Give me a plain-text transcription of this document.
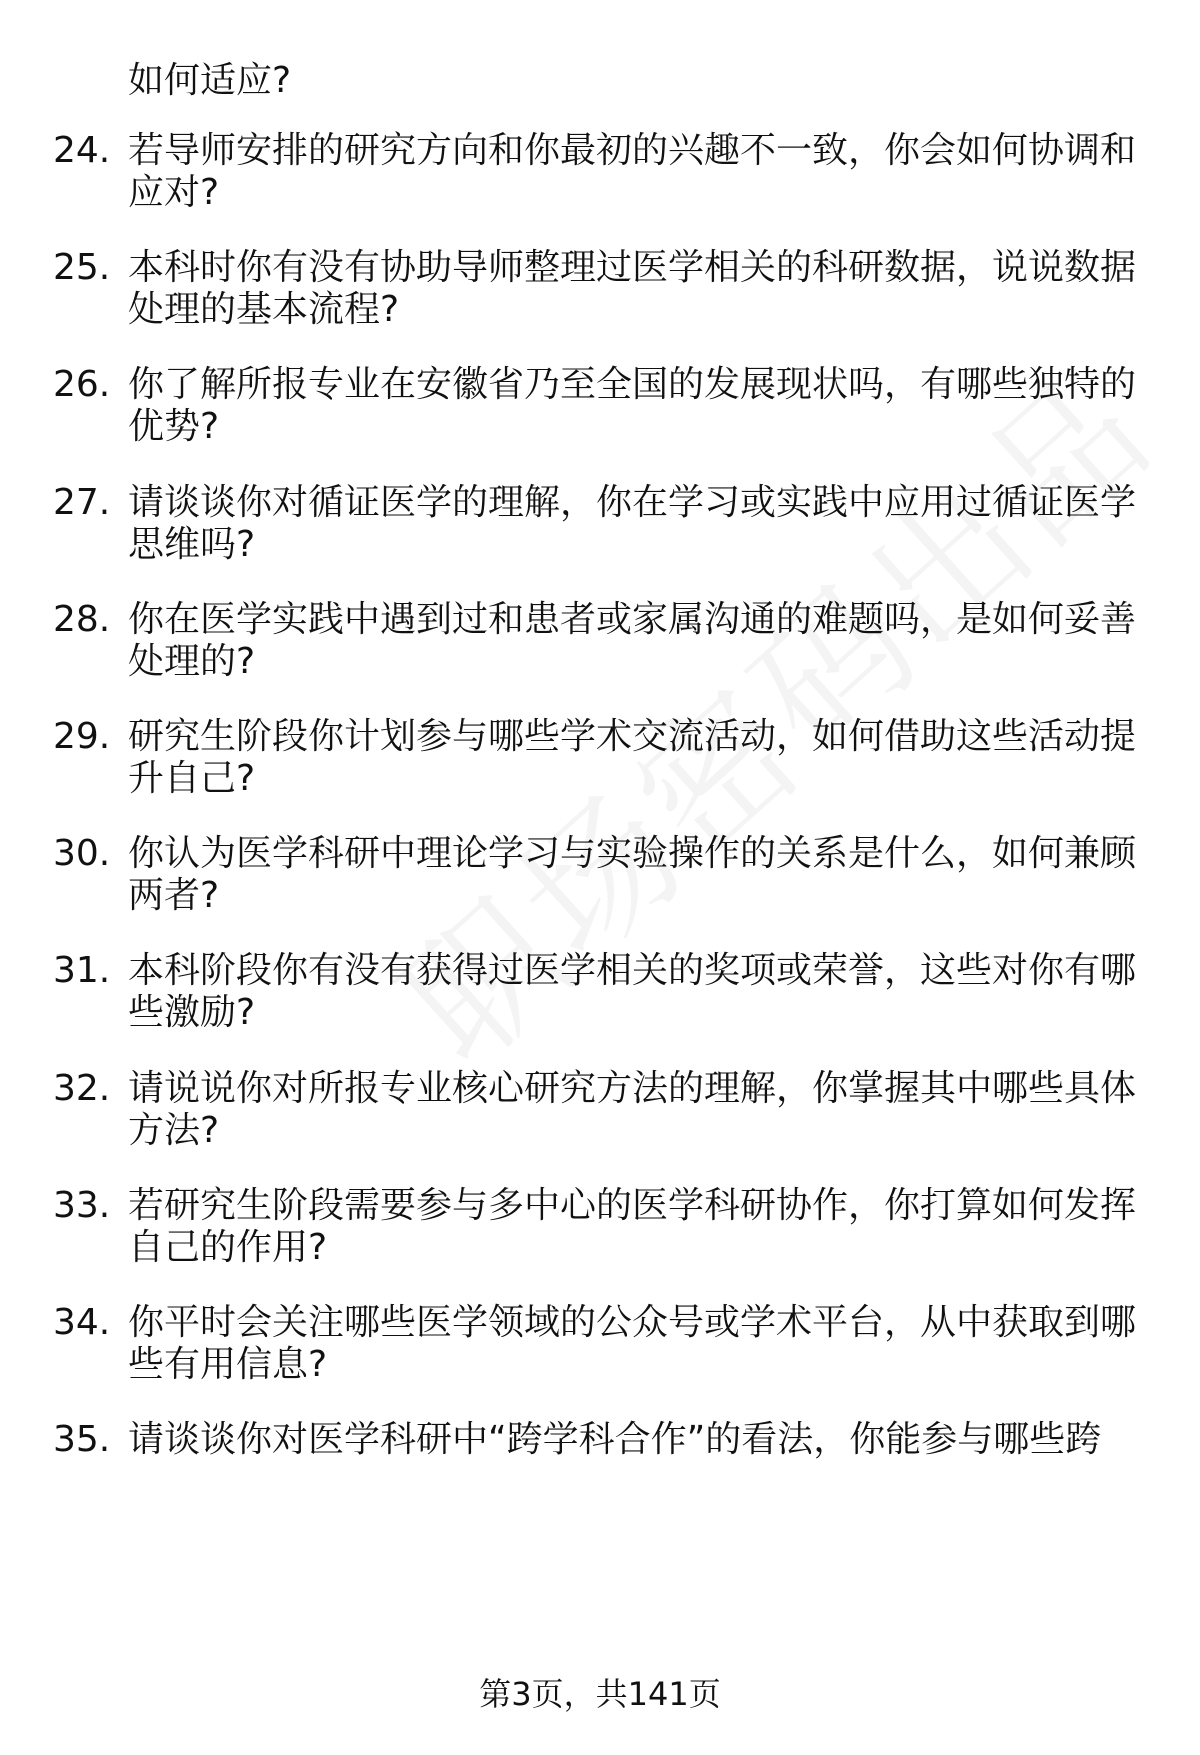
如何适应?
24. 若导师安排的研究方向和你最初的兴趣不一致，你会如何协调和
应对?
25. 本科时你有没有协助导师整理过医学相关的科研数据，说说数据
处理的基本流程?
26. 你了解所报专业在安徽省乃至全国的发展现状吗，有哪些独特的
优势?
27. 请谈谈你对循证医学的理解，你在学习或实践中应用过循证医学
思维吗?
28. 你在医学实践中遇到过和患者或家属沟通的难题吗，是如何妥善
处理的?
29. 研究生阶段你计划参与哪些学术交流活动，如何借助这些活动提
升自己?
30. 你认为医学科研中理论学习与实验操作的关系是什么，如何兼顾
两者?
31. 本科阶段你有没有获得过医学相关的奖项或荣誉，这些对你有哪
些激励?
32. 请说说你对所报专业核心研究方法的理解，你掌握其中哪些具体
方法?
33. 若研究生阶段需要参与多中心的医学科研协作，你打算如何发挥
自己的作用?
34. 你平时会关注哪些医学领域的公众号或学术平台，从中获取到哪
些有用信息?
35. 请谈谈你对医学科研中“跨学科合作”的看法，你能参与哪些跨
第3页，共141页
